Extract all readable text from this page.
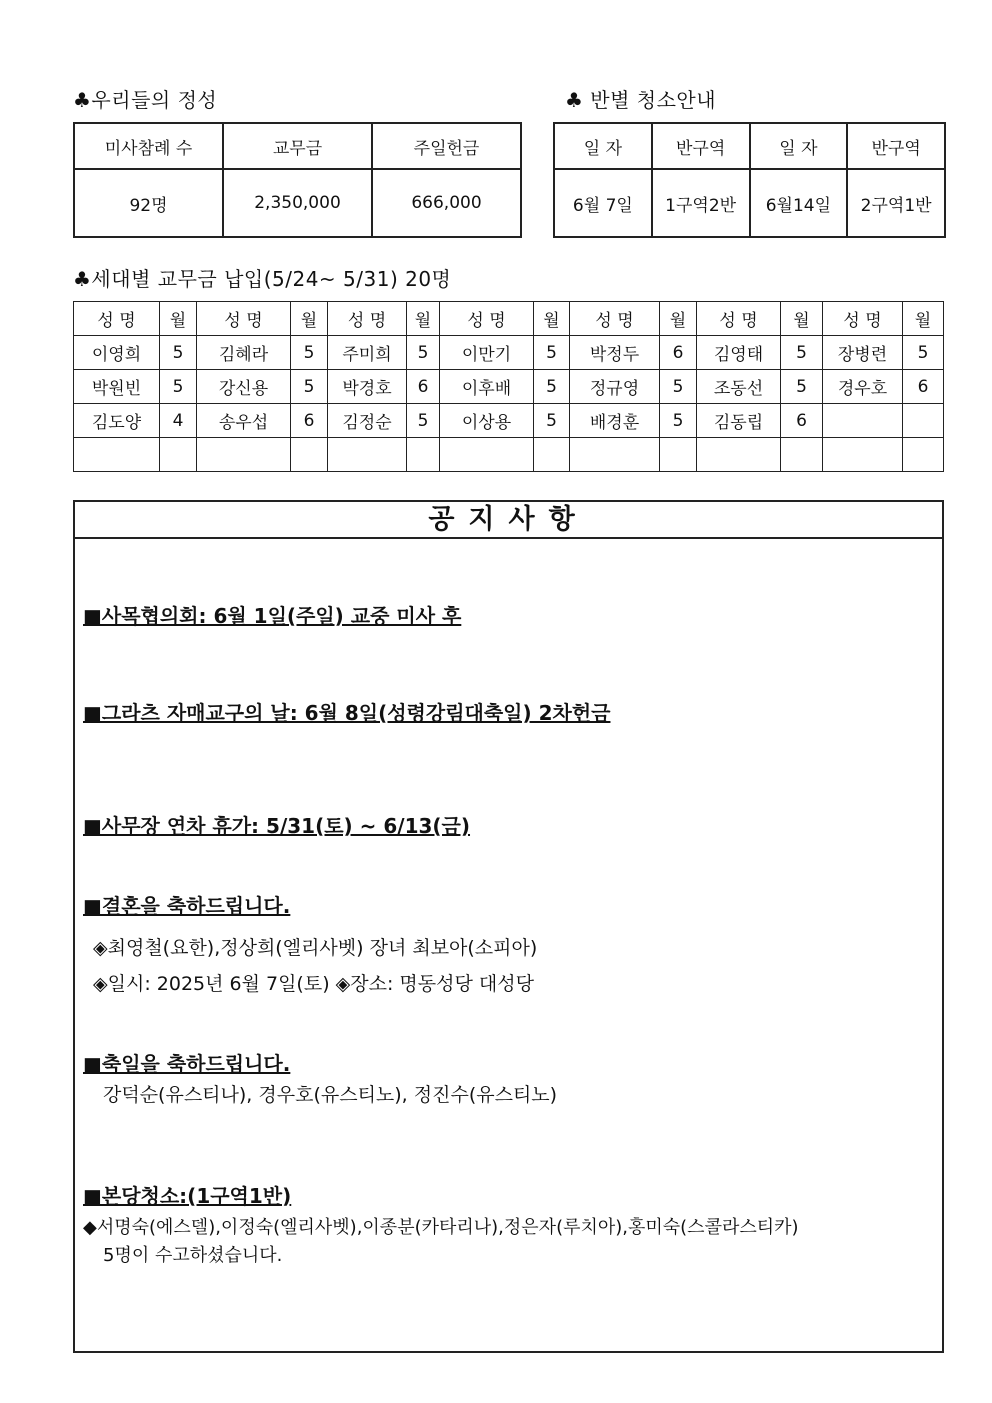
♣우리들의 정성
미사참례 수	교무금	주일헌금
92명	2,350,000	666,000
♣ 반별 청소안내
일 자	반구역	일 자	반구역
6월 7일	1구역2반	6월14일	2구역1반
♣세대별 교무금 납입(5/24~ 5/31) 20명
성 명	월	성 명	월	성 명	월	성 명	월	성 명	월	성 명	월	성 명	월
이영희	5	김혜라	5	주미희	5	이만기	5	박정두	6	김영태	5	장병련	5
박원빈	5	강신용	5	박경호	6	이후배	5	정규영	5	조동선	5	경우호	6
김도양	4	송우섭	6	김정순	5	이상용	5	배경훈	5	김동립	6		

공지사항
■사목협의회: 6월 1일(주일) 교중 미사 후
■그라츠 자매교구의 날: 6월 8일(성령강림대축일) 2차헌금
■사무장 연차 휴가: 5/31(토) ~ 6/13(금)
■결혼을 축하드립니다.
◈최영철(요한),정상희(엘리사벳) 장녀 최보아(소피아)
◈일시: 2025년 6월 7일(토) ◈장소: 명동성당 대성당
■축일을 축하드립니다.
강덕순(유스티나), 경우호(유스티노), 정진수(유스티노)
■본당청소:(1구역1반)
◆서명숙(에스델),이정숙(엘리사벳),이종분(카타리나),정은자(루치아),홍미숙(스콜라스티카)
5명이 수고하셨습니다.
